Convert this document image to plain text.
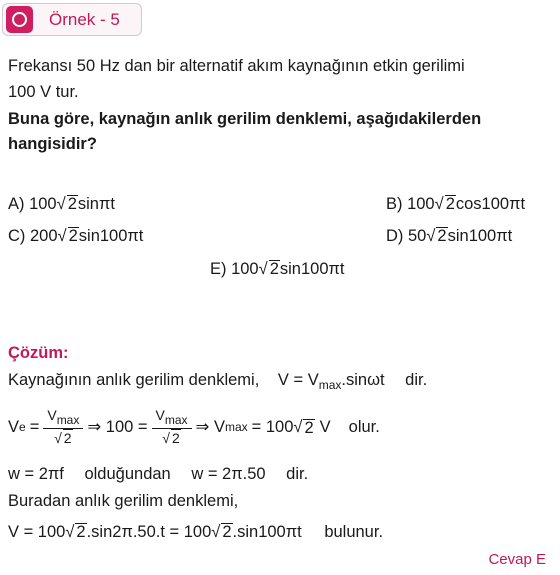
Örnek - 5
Frekansı 50 Hz dan bir alternatif akım kaynağının etkin gerilimi
100 V tur.
Buna göre, kaynağın anlık gerilim denklemi, aşağıdakilerden
hangisidir?
A) 100√ 2sinπt	B) 100√ 2cos100πt
C) 200√ 2sin100πt	D) 50√ 2sin100πt
E) 100√ 2sin100πt
Çözüm:
Kaynağının anlık gerilim denklemi, $V = V_{max}.\sin\omega t$ dir.
V $e = \frac{Vmax}{√ 2}$ ⇒ $100 = \frac{Vmax}{√ 2}$ ⇒ V max = 100 √ 2 V olur.
w = 2πf olduğundan w = 2π.50 dir.
Buradan anlık gerilim denklemi,
V = 100√ 2.sin2π.50.t = 100√ 2.sin100πt bulunur.
Cevap E
